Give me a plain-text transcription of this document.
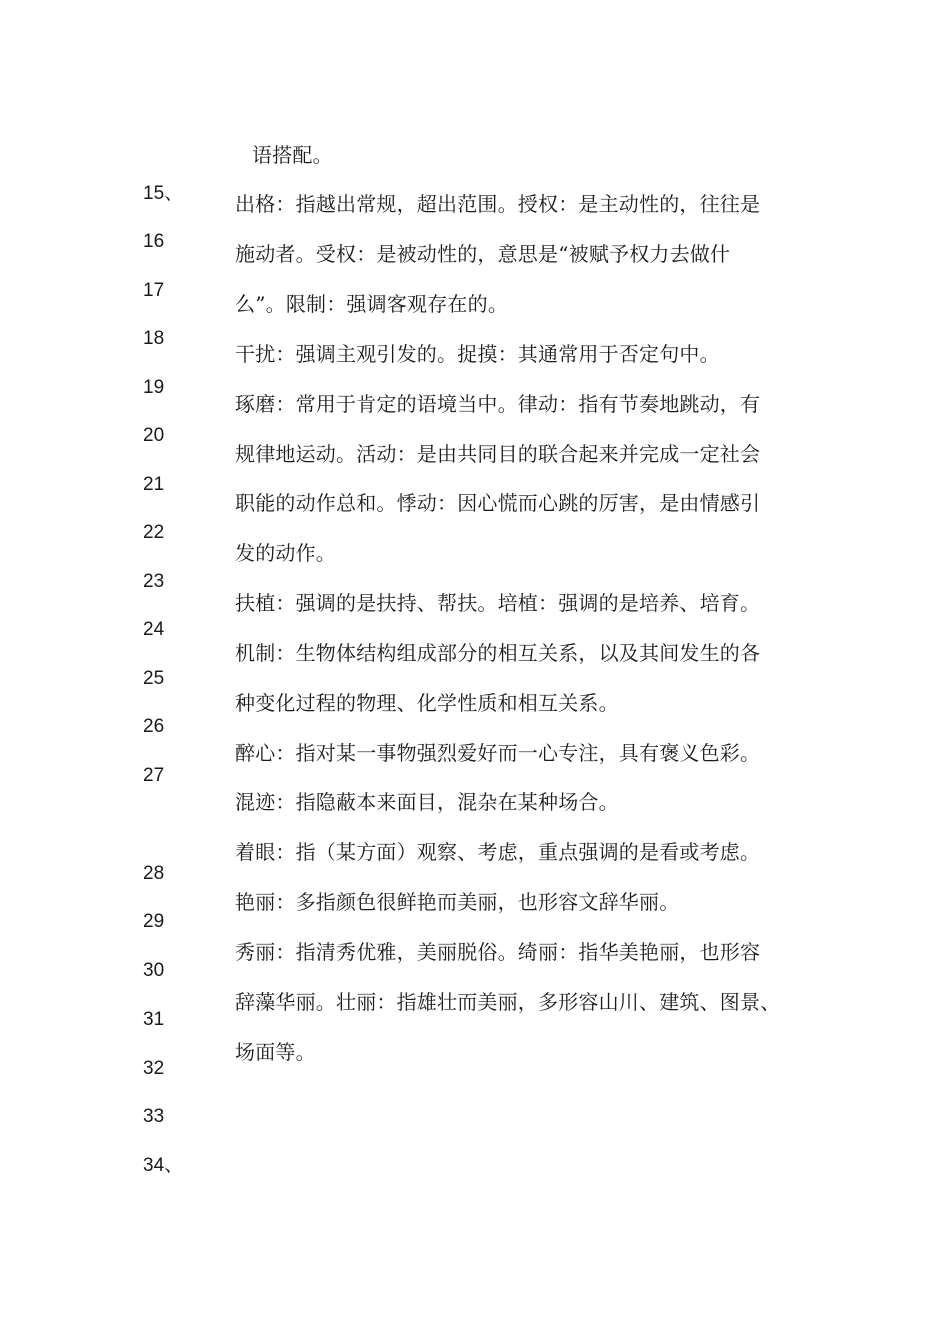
15、
16
17
18
19
20
21
22
23
24
25
26
27
28
29
30
31
32
33
34、
语搭配。
出格：指越出常规，超出范围。授权：是主动性的，往往是
施动者。受权：是被动性的，意思是“被赋予权力去做什
么”。限制：强调客观存在的。
干扰：强调主观引发的。捉摸：其通常用于否定句中。
琢磨：常用于肯定的语境当中。律动：指有节奏地跳动，有
规律地运动。活动：是由共同目的联合起来并完成一定社会
职能的动作总和。悸动：因心慌而心跳的厉害，是由情感引
发的动作。
扶植：强调的是扶持、帮扶。培植：强调的是培养、培育。
机制：生物体结构组成部分的相互关系，以及其间发生的各
种变化过程的物理、化学性质和相互关系。
醉心：指对某一事物强烈爱好而一心专注，具有褒义色彩。
混迹：指隐蔽本来面目，混杂在某种场合。
着眼：指（某方面）观察、考虑，重点强调的是看或考虑。
艳丽：多指颜色很鲜艳而美丽，也形容文辞华丽。
秀丽：指清秀优雅，美丽脱俗。绮丽：指华美艳丽，也形容
辞藻华丽。壮丽：指雄壮而美丽，多形容山川、建筑、图景、
场面等。
